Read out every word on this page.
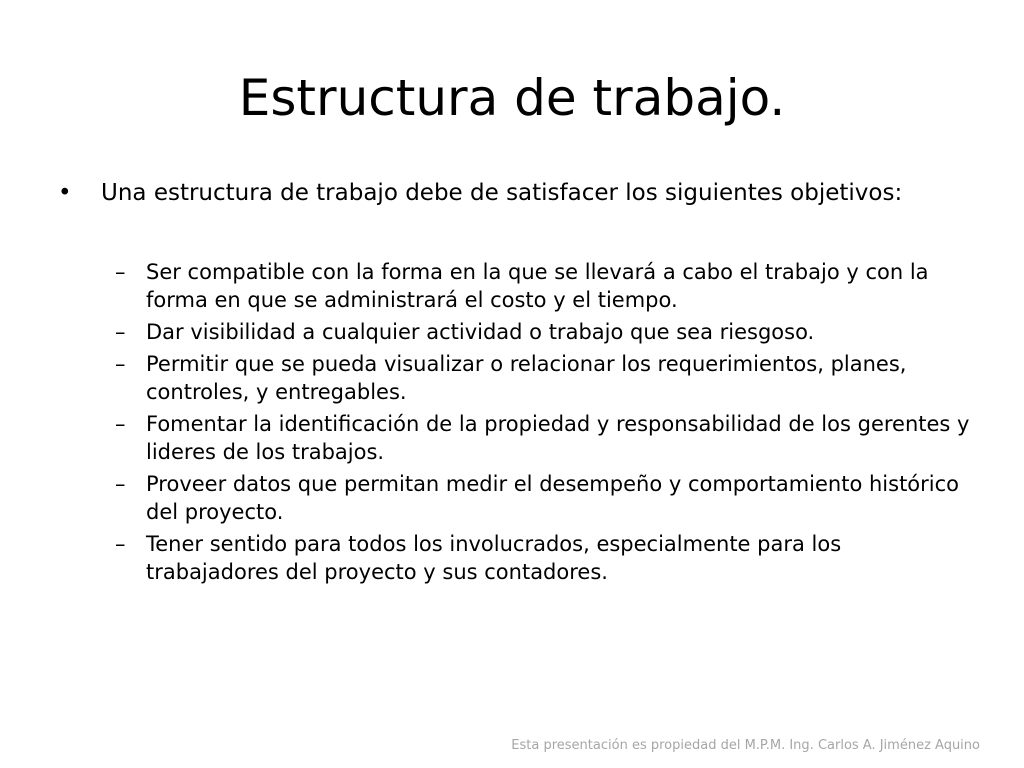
Estructura de trabajo.
•	Una estructura de trabajo debe de satisfacer los siguientes objetivos:
– Ser compatible con la forma en la que se llevará a cabo el trabajo y con la forma en que se administrará el costo y el tiempo.
– Dar visibilidad a cualquier actividad o trabajo que sea riesgoso.
– Permitir que se pueda visualizar o relacionar los requerimientos, planes, controles, y entregables.
– Fomentar la identificación de la propiedad y responsabilidad de los gerentes y lideres de los trabajos.
– Proveer datos que permitan medir el desempeño y comportamiento histórico del proyecto.
– Tener sentido para todos los involucrados, especialmente para los trabajadores del proyecto y sus contadores.
Esta presentación es propiedad del M.P.M. Ing. Carlos A. Jiménez Aquino
